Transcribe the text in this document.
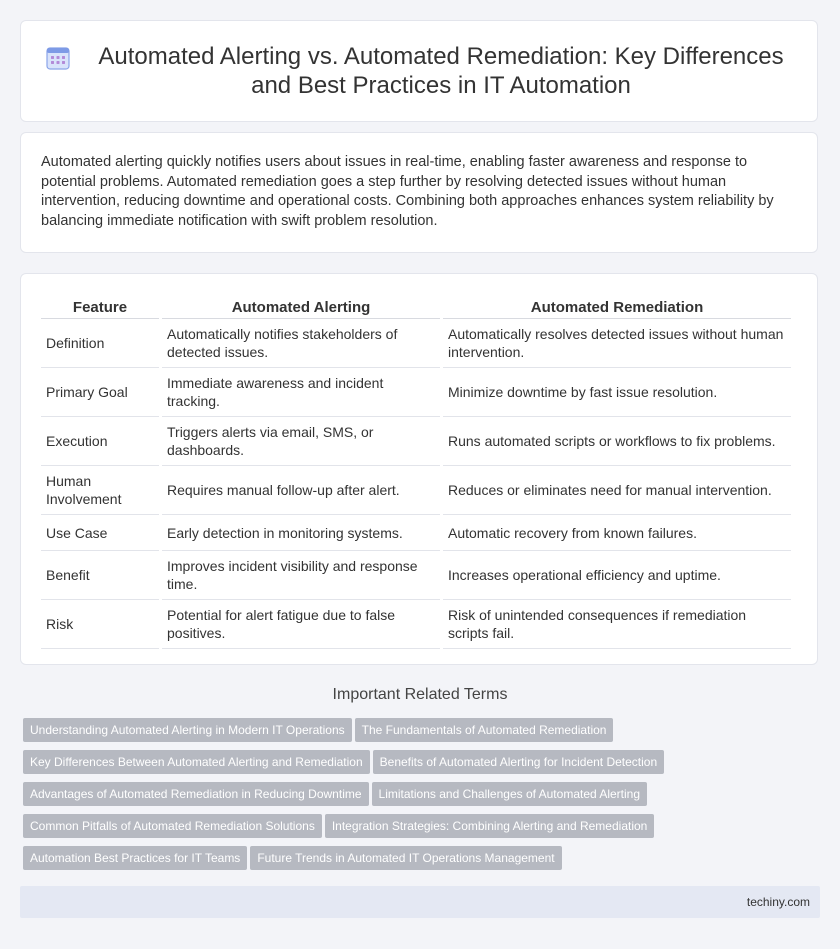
Automated Alerting vs. Automated Remediation: Key Differences and Best Practices in IT Automation

Automated alerting quickly notifies users about issues in real-time, enabling faster awareness and response to potential problems. Automated remediation goes a step further by resolving detected issues without human intervention, reducing downtime and operational costs. Combining both approaches enhances system reliability by balancing immediate notification with swift problem resolution.

Feature	Automated Alerting	Automated Remediation
Definition	Automatically notifies stakeholders of detected issues.	Automatically resolves detected issues without human intervention.
Primary Goal	Immediate awareness and incident tracking.	Minimize downtime by fast issue resolution.
Execution	Triggers alerts via email, SMS, or dashboards.	Runs automated scripts or workflows to fix problems.
Human Involvement	Requires manual follow-up after alert.	Reduces or eliminates need for manual intervention.
Use Case	Early detection in monitoring systems.	Automatic recovery from known failures.
Benefit	Improves incident visibility and response time.	Increases operational efficiency and uptime.
Risk	Potential for alert fatigue due to false positives.	Risk of unintended consequences if remediation scripts fail.
Important Related Terms
Understanding Automated Alerting in Modern IT Operations The Fundamentals of Automated Remediation
Key Differences Between Automated Alerting and Remediation Benefits of Automated Alerting for Incident Detection
Advantages of Automated Remediation in Reducing Downtime Limitations and Challenges of Automated Alerting
Common Pitfalls of Automated Remediation Solutions Integration Strategies: Combining Alerting and Remediation
Automation Best Practices for IT Teams Future Trends in Automated IT Operations Management
techiny.com
